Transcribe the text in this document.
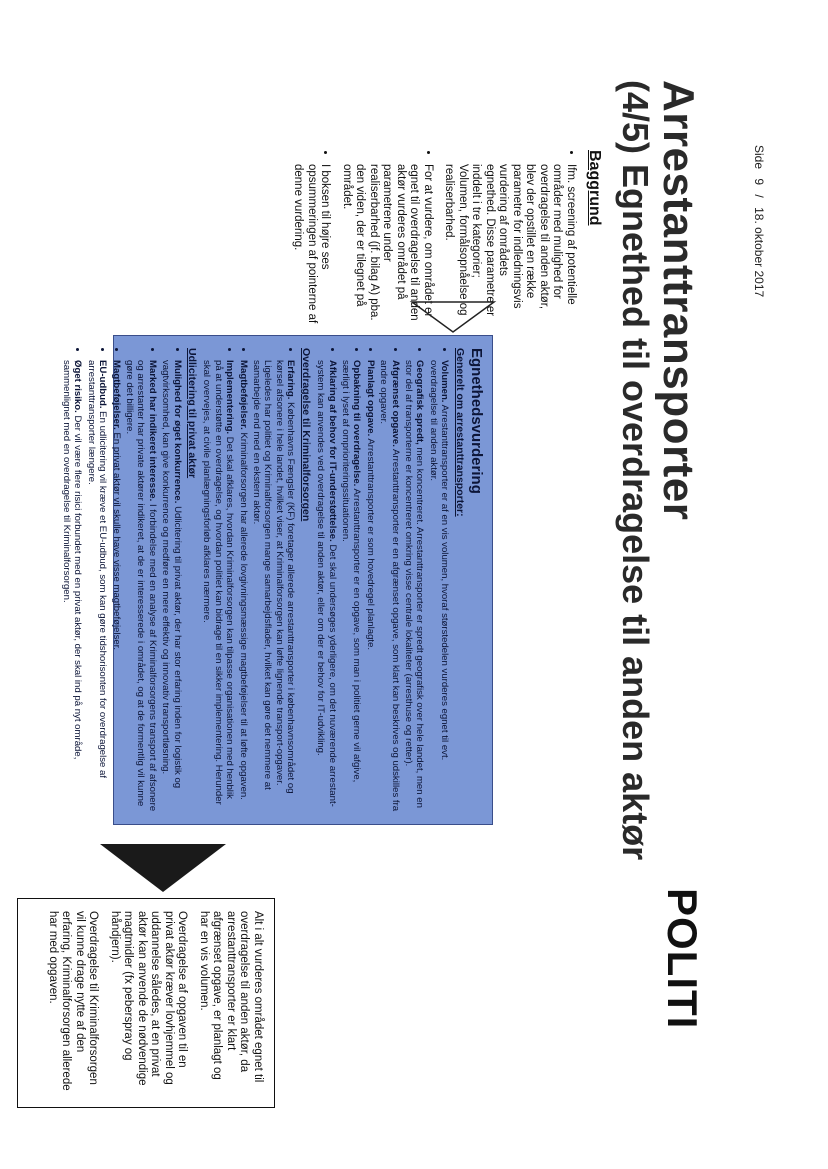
Arrestanttransporter
(4/5) Egnethed til overdragelse til anden aktør
POLITI
Side 9 / 18. oktober 2017
Baggrund
• Ifm. screening af potentielle områder med mulighed for overdragelse til anden aktør, blev der opstillet en række parametre for indledningsvis vurdering af områdets egnethed. Disse parametre er inddelt i tre kategorier; Volumen, formålsopnåelse og realiserbarhed.
• For at vurdere, om området er egnet til overdragelse til anden aktør vurderes området på parametrene under realiserbarhed (jf. bilag A) pba. den viden, der er tilegnet på området.
• I boksen til højre ses opsummeringen af pointerne af denne vurdering.
Egnethedsvurdering
Generelt om arrestanttransporter:
• Volumen. Arrestanttransporter er af en vis volumen, hvoraf størstedelen vurderes egnet til evt. overdragelse til anden aktør.
• Geografisk spredt, men koncentreret. Arrestanttransporter er spredt geografisk over hele landet, men en stor del af transporterne er koncentreret omkring visse centrale lokaliteter (arresthuse og retter).
• Afgrænset opgave. Arrestanttransporter er en afgrænset opgave, som klart kan beskrives og udskilles fra andre opgaver.
• Planlagt opgave. Arrestanttransporter er som hovedregel planlagte.
• Opbakning til overdragelse. Arrestanttransporter er en opgave, som man i politiet gerne vil afgive, særligt i lyset af omprioriteringssituationen.
• Afklaring af behov for IT-understøttelse. Det skal undersøges yderligere, om det nuværende arrestant-system kan anvendes ved overdragelse til anden aktør, eller om der er behov for IT-udvikling.
Overdragelse til Kriminalforsorgen
• Erfaring. Københavns Fængsler (KF) foretager allerede arrestanttransporter i københavnsområdet og kørsel afsonere i hele landet, hvilket viser, at Kriminalforsorgen kan løfte lignende transport-opgaver. Ligeledes har politiet og Kriminalforsorgen mange samarbejdsflader, hvilket kan gøre det nemmere at samarbejde end med en ekstern aktør.
• Magtbeføjelser. Kriminalforsorgen har allerede lovgivningsmæssige magtbeføjelser til at løfte opgaven.
• Implementering. Det skal afklares, hvordan Kriminalforsorgen kan tilpasse organisationen med henblik på at understøtte en overdragelse, og hvordan politiet kan bidrage til en sikker implementering. Herunder skal overvejes, at civile planlægningsforløb afklares nærmere.
Udlicitering til privat aktør
• Mulighed for øget konkurrence. Udlicitering til privat aktør, der har stor erfaring inden for logistik og vagtvirksomhed, kan give konkurrence og medføre en mere effektiv og innovativ transportløsning.
• Marked har indikeret interesse. I forbindelse med en analyse af Kriminalforsorgens transport af afsonere og arrestanter har private aktører indikeret, at de er interesserede i området, og at de formentlig vil kunne gøre det billigere.
• Magtbeføjelser. En privat aktør vil skulle have visse magtbeføjelser.
• EU-udbud. En udlicitering vil kræve et EU-udbud, som kan gøre tidshorisonten for overdragelse af arrestanttransporter længere.
• Øget risiko. Der vil være flere risici forbundet med en privat aktør, der skal ind på nyt område, sammenlignet med en overdragelse til Kriminalforsorgen.

Alt i alt vurderes området egnet til overdragelse til anden aktør, da arrestanttransporter er klart afgrænset opgave, er planlagt og har en vis volumen.

Overdragelse af opgaven til en privat aktør kræver lovhjemmel og uddannelse således, at en privat aktør kan anvende de nødvendige magtmidler (fx peberspray og håndjern).

Overdragelse til Kriminalforsorgen vil kunne drage nytte af den erfaring, Kriminalforsorgen allerede har med opgaven.
